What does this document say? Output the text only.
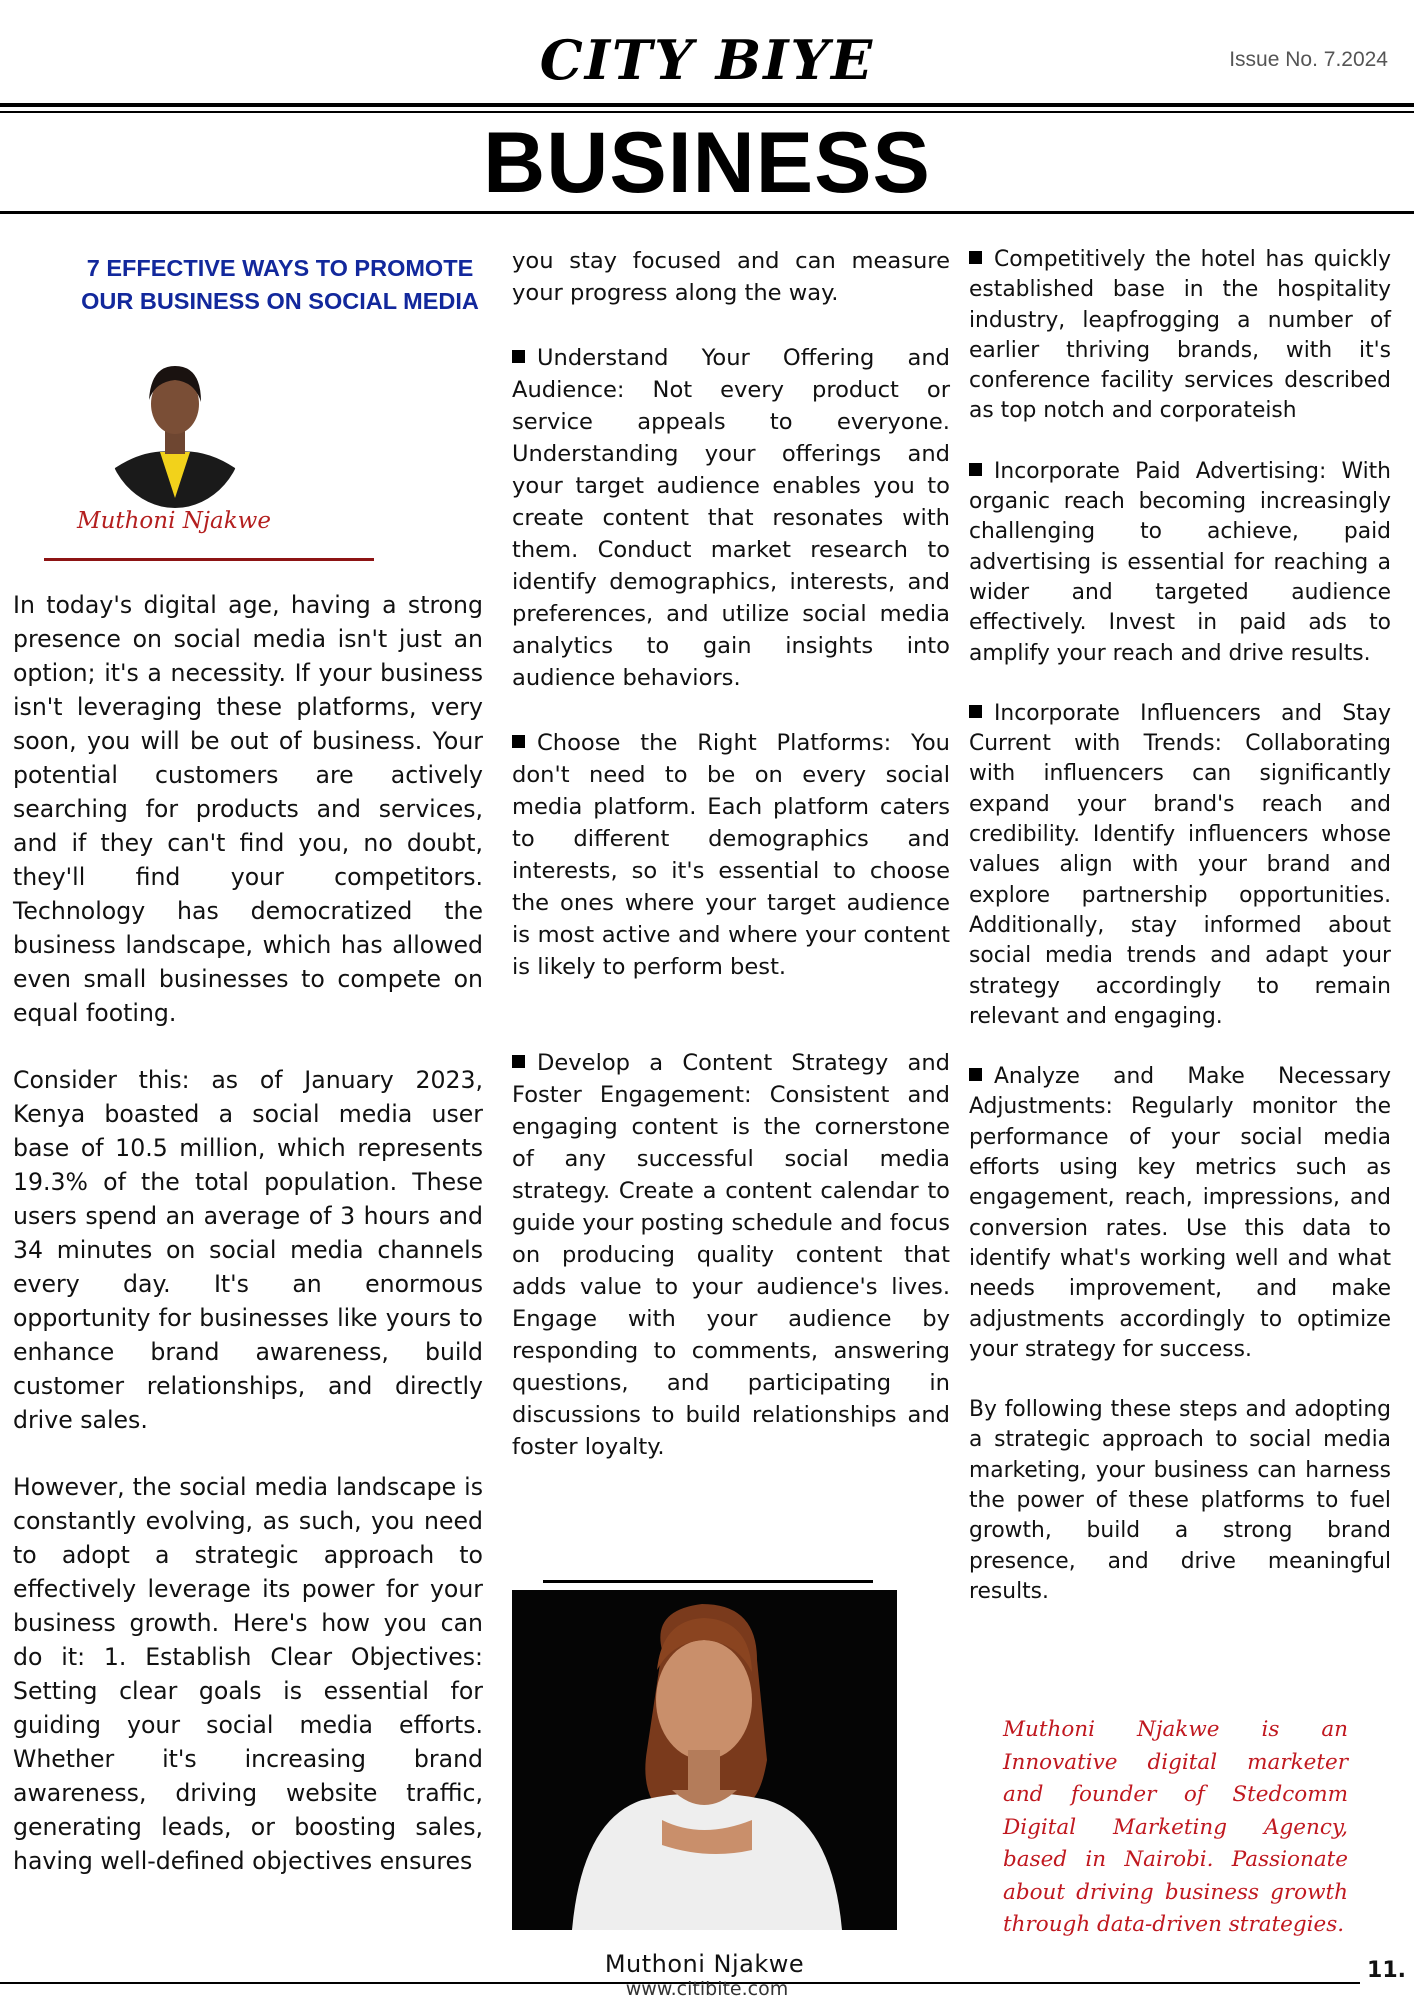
CITY BIYE	Issue No. 7.2024
BUSINESS
7 EFFECTIVE WAYS TO PROMOTE OUR BUSINESS ON SOCIAL MEDIA
Muthoni Njakwe

In today's digital age, having a strong presence on social media isn't just an option; it's a necessity. If your business isn't leveraging these platforms, very soon, you will be out of business. Your potential customers are actively searching for products and services, and if they can't find you, no doubt, they'll find your competitors. Technology has democratized the business landscape, which has allowed even small businesses to compete on equal footing.

Consider this: as of January 2023, Kenya boasted a social media user base of 10.5 million, which represents 19.3% of the total population. These users spend an average of 3 hours and 34 minutes on social media channels every day. It's an enormous opportunity for businesses like yours to enhance brand awareness, build customer relationships, and directly drive sales.

However, the social media landscape is constantly evolving, as such, you need to adopt a strategic approach to effectively leverage its power for your business growth. Here's how you can do it: 1. Establish Clear Objectives: Setting clear goals is essential for guiding your social media efforts. Whether it's increasing brand awareness, driving website traffic, generating leads, or boosting sales, having well-defined objectives ensures

you stay focused and can measure your progress along the way.

Understand Your Offering and Audience: Not every product or service appeals to everyone. Understanding your offerings and your target audience enables you to create content that resonates with them. Conduct market research to identify demographics, interests, and preferences, and utilize social media analytics to gain insights into audience behaviors.

Choose the Right Platforms: You don't need to be on every social media platform. Each platform caters to different demographics and interests, so it's essential to choose the ones where your target audience is most active and where your content is likely to perform best.

Develop a Content Strategy and Foster Engagement: Consistent and engaging content is the cornerstone of any successful social media strategy. Create a content calendar to guide your posting schedule and focus on producing quality content that adds value to your audience's lives. Engage with your audience by responding to comments, answering questions, and participating in discussions to build relationships and foster loyalty.

Muthoni Njakwe

Competitively the hotel has quickly established base in the hospitality industry, leapfrogging a number of earlier thriving brands, with it's conference facility services described as top notch and corporateish

Incorporate Paid Advertising: With organic reach becoming increasingly challenging to achieve, paid advertising is essential for reaching a wider and targeted audience effectively. Invest in paid ads to amplify your reach and drive results.

Incorporate Influencers and Stay Current with Trends: Collaborating with influencers can significantly expand your brand's reach and credibility. Identify influencers whose values align with your brand and explore partnership opportunities. Additionally, stay informed about social media trends and adapt your strategy accordingly to remain relevant and engaging.

Analyze and Make Necessary Adjustments: Regularly monitor the performance of your social media efforts using key metrics such as engagement, reach, impressions, and conversion rates. Use this data to identify what's working well and what needs improvement, and make adjustments accordingly to optimize your strategy for success.

By following these steps and adopting a strategic approach to social media marketing, your business can harness the power of these platforms to fuel growth, build a strong brand presence, and drive meaningful results.

Muthoni Njakwe is an Innovative digital marketer and founder of Stedcomm Digital Marketing Agency, based in Nairobi. Passionate about driving business growth through data-driven strategies.
www.citibite.com
11.
